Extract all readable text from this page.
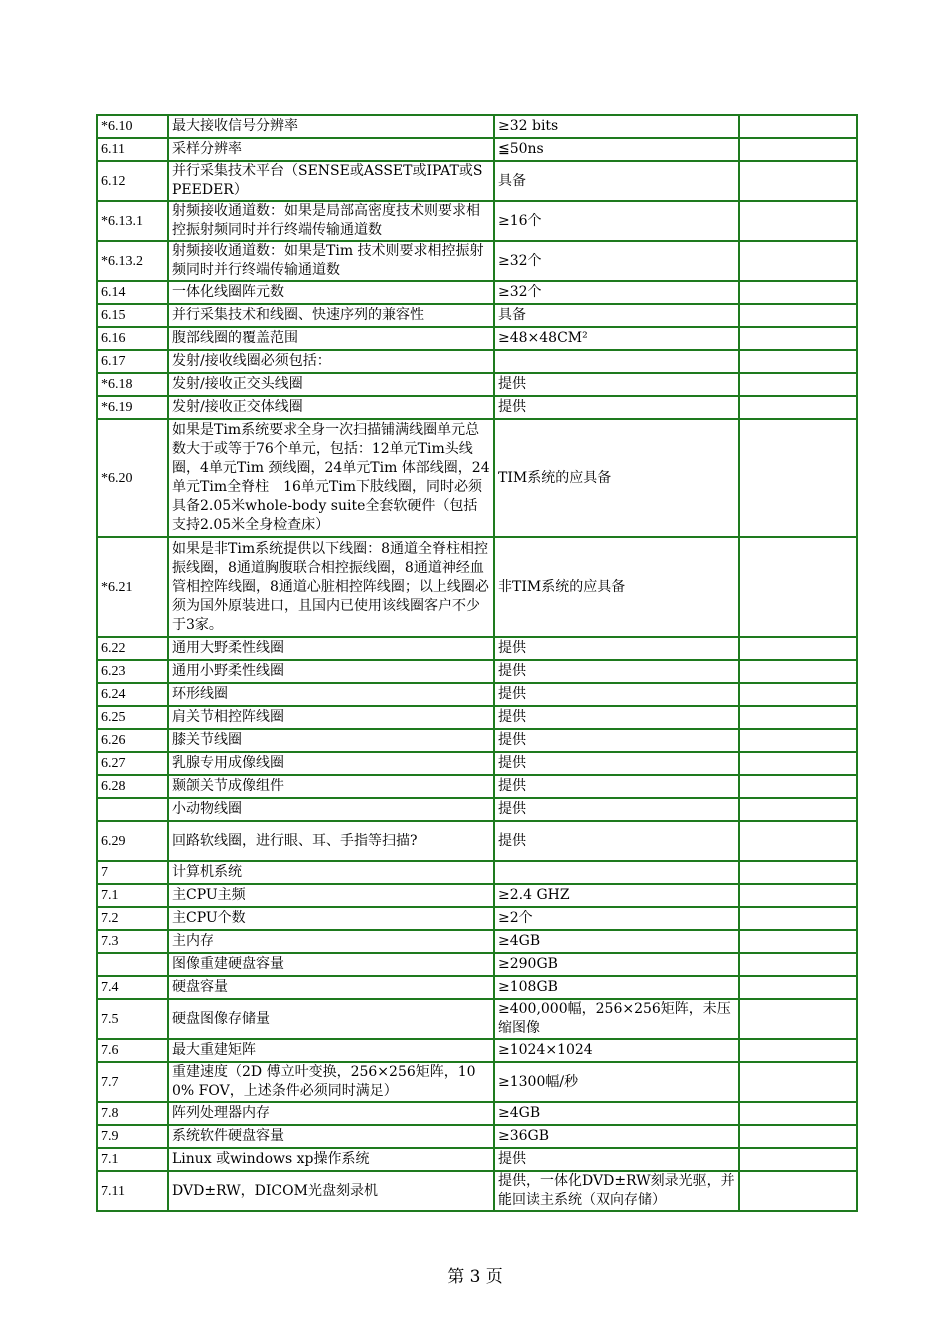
*6.10	最大接收信号分辨率	≥32 bits	
6.11	采样分辨率	≦50ns	
6.12	并行采集技术平台（SENSE或ASSET或IPAT或SPEEDER）	具备	
*6.13.1	射频接收通道数：如果是局部高密度技术则要求相控振射频同时并行终端传输通道数	≥16个	
*6.13.2	射频接收通道数：如果是Tim 技术则要求相控振射频同时并行终端传输通道数	≥32个	
6.14	一体化线圈阵元数	≥32个	
6.15	并行采集技术和线圈、快速序列的兼容性	具备	
6.16	腹部线圈的覆盖范围	≥48×48CM²	
6.17	发射/接收线圈必须包括：		
*6.18	发射/接收正交头线圈	提供	
*6.19	发射/接收正交体线圈	提供	
*6.20	如果是Tim系统要求全身一次扫描铺满线圈单元总数大于或等于76个单元，包括：12单元Tim头线圈，4单元Tim 颈线圈，24单元Tim 体部线圈，24单元Tim全脊柱　16单元Tim下肢线圈，同时必须具备2.05米whole-body suite全套软硬件（包括支持2.05米全身检查床）	TIM系统的应具备	
*6.21	如果是非Tim系统提供以下线圈：8通道全脊柱相控振线圈，8通道胸腹联合相控振线圈，8通道神经血管相控阵线圈，8通道心脏相控阵线圈；以上线圈必须为国外原装进口，且国内已使用该线圈客户不少于3家。	非TIM系统的应具备	
6.22	通用大野柔性线圈	提供	
6.23	通用小野柔性线圈	提供	
6.24	环形线圈	提供	
6.25	肩关节相控阵线圈	提供	
6.26	膝关节线圈	提供	
6.27	乳腺专用成像线圈	提供	
6.28	颞颌关节成像组件	提供	
	小动物线圈	提供	
6.29	回路软线圈，进行眼、耳、手指等扫描?	提供	
7	计算机系统		
7.1	主CPU主频	≥2.4 GHZ	
7.2	主CPU个数	≥2个	
7.3	主内存	≥4GB	
	图像重建硬盘容量	≥290GB	
7.4	硬盘容量	≥108GB	
7.5	硬盘图像存储量	≥400,000幅，256×256矩阵，未压缩图像	
7.6	最大重建矩阵	≥1024×1024	
7.7	重建速度（2D 傅立叶变换，256×256矩阵，100% FOV，上述条件必须同时满足）	≥1300幅/秒	
7.8	阵列处理器内存	≥4GB	
7.9	系统软件硬盘容量	≥36GB	
7.1	Linux 或windows xp操作系统	提供	
7.11	DVD±RW，DICOM光盘刻录机	提供，一体化DVD±RW刻录光驱，并能回读主系统（双向存储）	
第 3 页
